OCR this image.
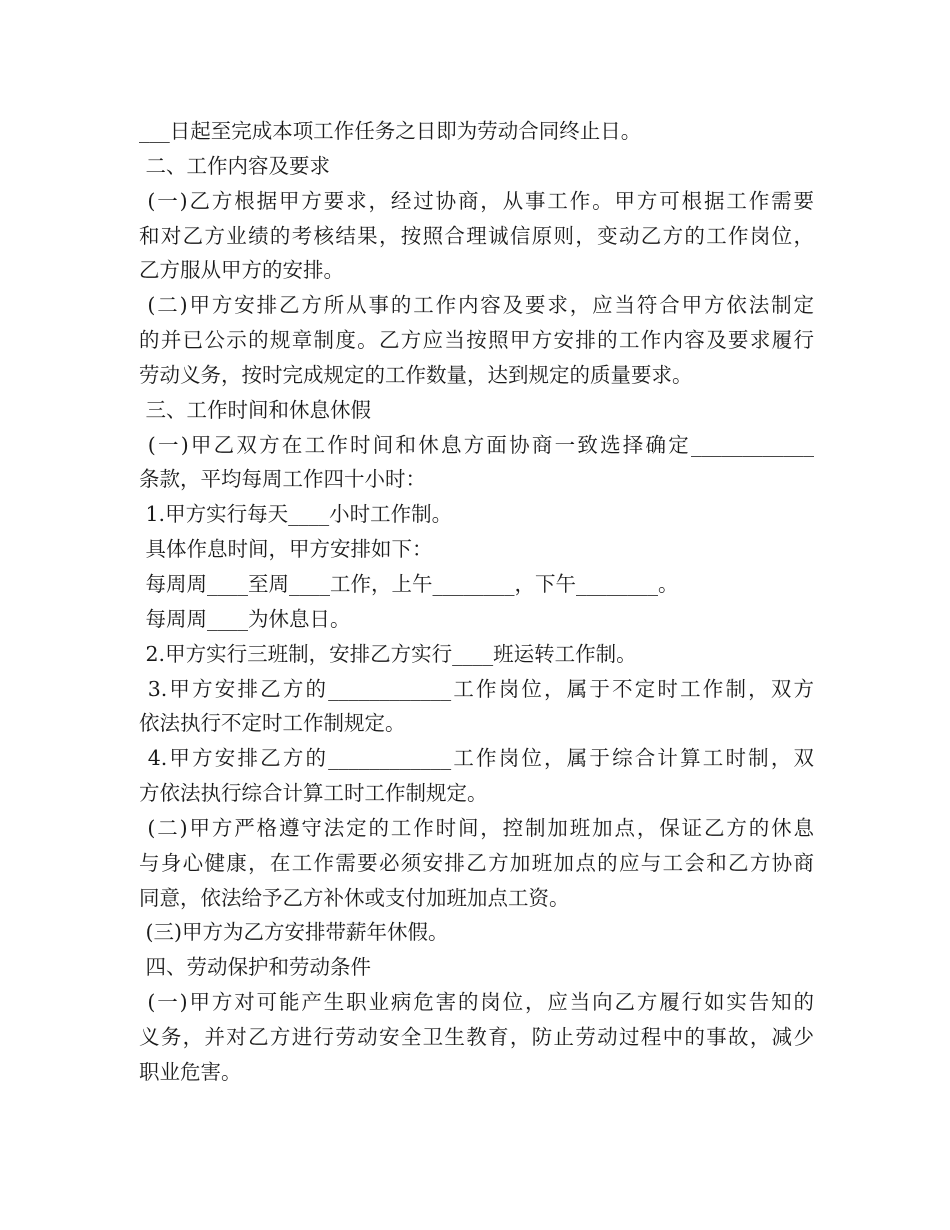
___日起至完成本项工作任务之日即为劳动合同终止日。
二、工作内容及要求
(一)乙方根据甲方要求，经过协商，从事工作。甲方可根据工作需要
和对乙方业绩的考核结果，按照合理诚信原则，变动乙方的工作岗位，
乙方服从甲方的安排。
(二)甲方安排乙方所从事的工作内容及要求，应当符合甲方依法制定
的并已公示的规章制度。乙方应当按照甲方安排的工作内容及要求履行
劳动义务，按时完成规定的工作数量，达到规定的质量要求。
三、工作时间和休息休假
(一)甲乙双方在工作时间和休息方面协商一致选择确定____________
条款，平均每周工作四十小时：
1.甲方实行每天____小时工作制。
具体作息时间，甲方安排如下：
每周周____至周____工作，上午________，下午________。
每周周____为休息日。
2.甲方实行三班制，安排乙方实行____班运转工作制。
3.甲方安排乙方的____________工作岗位，属于不定时工作制，双方
依法执行不定时工作制规定。
4.甲方安排乙方的____________工作岗位，属于综合计算工时制，双
方依法执行综合计算工时工作制规定。
(二)甲方严格遵守法定的工作时间，控制加班加点，保证乙方的休息
与身心健康，在工作需要必须安排乙方加班加点的应与工会和乙方协商
同意，依法给予乙方补休或支付加班加点工资。
(三)甲方为乙方安排带薪年休假。
四、劳动保护和劳动条件
(一)甲方对可能产生职业病危害的岗位，应当向乙方履行如实告知的
义务，并对乙方进行劳动安全卫生教育，防止劳动过程中的事故，减少
职业危害。
